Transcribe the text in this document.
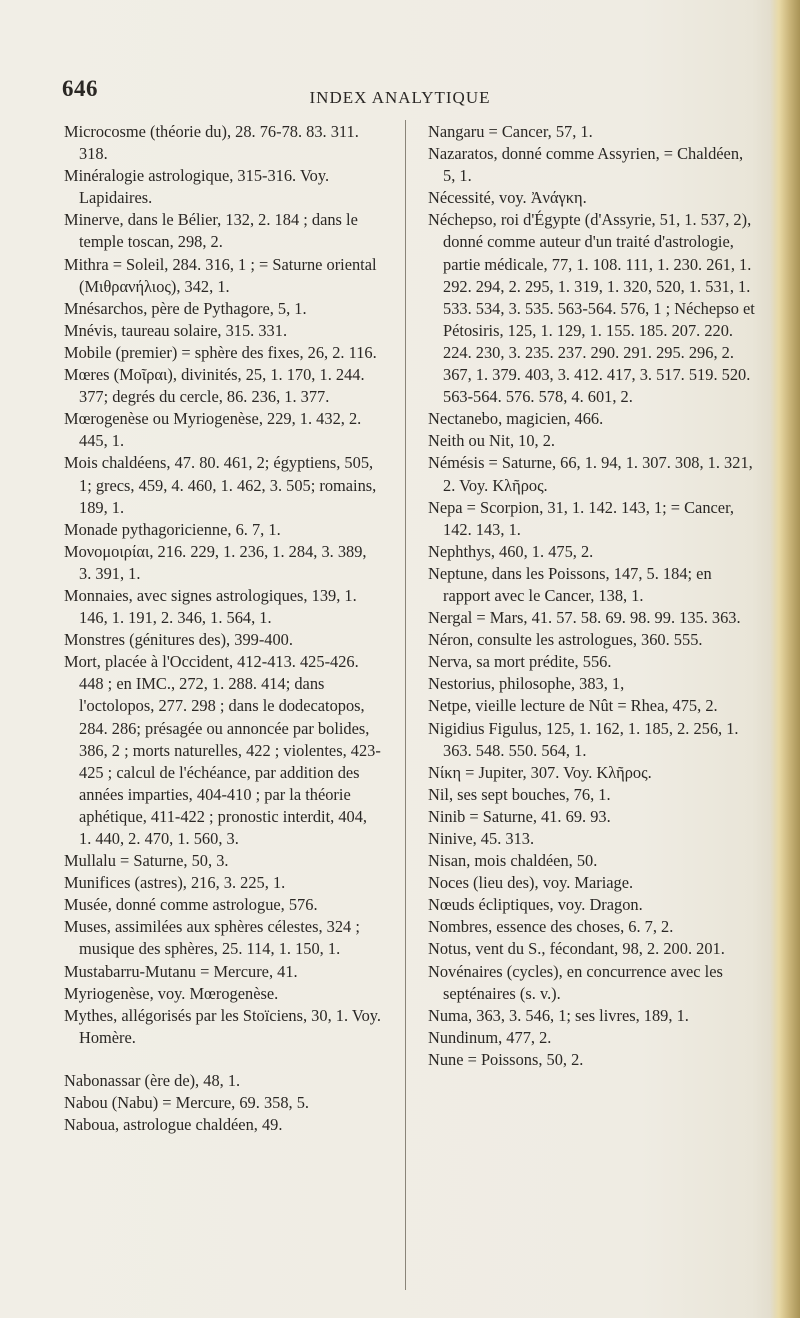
646	INDEX ANALYTIQUE

Microcosme (théorie du), 28. 76-78. 83. 311. 318.

Minéralogie astrologique, 315-316. Voy. Lapidaires.

Minerve, dans le Bélier, 132, 2. 184 ; dans le temple toscan, 298, 2.

Mithra = Soleil, 284. 316, 1 ; = Saturne oriental (Μιθρανήλιος), 342, 1.

Mnésarchos, père de Pythagore, 5, 1.

Mnévis, taureau solaire, 315. 331.

Mobile (premier) = sphère des fixes, 26, 2. 116.

Mœres (Μοῖραι), divinités, 25, 1. 170, 1. 244. 377; degrés du cercle, 86. 236, 1. 377.

Mœrogenèse ou Myriogenèse, 229, 1. 432, 2. 445, 1.

Mois chaldéens, 47. 80. 461, 2; égyptiens, 505, 1; grecs, 459, 4. 460, 1. 462, 3. 505; romains, 189, 1.

Monade pythagoricienne, 6. 7, 1.

Μονομοιρίαι, 216. 229, 1. 236, 1. 284, 3. 389, 3. 391, 1.

Monnaies, avec signes astrologiques, 139, 1. 146, 1. 191, 2. 346, 1. 564, 1.

Monstres (génitures des), 399-400.

Mort, placée à l'Occident, 412-413. 425-426. 448 ; en IMC., 272, 1. 288. 414; dans l'octolopos, 277. 298 ; dans le dodecatopos, 284. 286; présagée ou annoncée par bolides, 386, 2 ; morts naturelles, 422 ; violentes, 423-425 ; calcul de l'échéance, par addition des années imparties, 404-410 ; par la théorie aphétique, 411-422 ; pronostic interdit, 404, 1. 440, 2. 470, 1. 560, 3.

Mullalu = Saturne, 50, 3.

Munifices (astres), 216, 3. 225, 1.

Musée, donné comme astrologue, 576.

Muses, assimilées aux sphères célestes, 324 ; musique des sphères, 25. 114, 1. 150, 1.

Mustabarru-Mutanu = Mercure, 41.

Myriogenèse, voy. Mœrogenèse.

Mythes, allégorisés par les Stoïciens, 30, 1. Voy. Homère.

Nabonassar (ère de), 48, 1.

Nabou (Nabu) = Mercure, 69. 358, 5.

Naboua, astrologue chaldéen, 49.

Nangaru = Cancer, 57, 1.

Nazaratos, donné comme Assyrien, = Chaldéen, 5, 1.

Nécessité, voy. Ἀνάγκη.

Néchepso, roi d'Égypte (d'Assyrie, 51, 1. 537, 2), donné comme auteur d'un traité d'astrologie, partie médicale, 77, 1. 108. 111, 1. 230. 261, 1. 292. 294, 2. 295, 1. 319, 1. 320, 520, 1. 531, 1. 533. 534, 3. 535. 563-564. 576, 1 ; Néchepso et Pétosiris, 125, 1. 129, 1. 155. 185. 207. 220. 224. 230, 3. 235. 237. 290. 291. 295. 296, 2. 367, 1. 379. 403, 3. 412. 417, 3. 517. 519. 520. 563-564. 576. 578, 4. 601, 2.

Nectanebo, magicien, 466.

Neith ou Nit, 10, 2.

Némésis = Saturne, 66, 1. 94, 1. 307. 308, 1. 321, 2. Voy. Κλῆρος.

Nepa = Scorpion, 31, 1. 142. 143, 1; = Cancer, 142. 143, 1.

Nephthys, 460, 1. 475, 2.

Neptune, dans les Poissons, 147, 5. 184; en rapport avec le Cancer, 138, 1.

Nergal = Mars, 41. 57. 58. 69. 98. 99. 135. 363.

Néron, consulte les astrologues, 360. 555.

Nerva, sa mort prédite, 556.

Nestorius, philosophe, 383, 1,

Netpe, vieille lecture de Nût = Rhea, 475, 2.

Nigidius Figulus, 125, 1. 162, 1. 185, 2. 256, 1. 363. 548. 550. 564, 1.

Νίκη = Jupiter, 307. Voy. Κλῆρος.

Nil, ses sept bouches, 76, 1.

Ninib = Saturne, 41. 69. 93.

Ninive, 45. 313.

Nisan, mois chaldéen, 50.

Noces (lieu des), voy. Mariage.

Nœuds écliptiques, voy. Dragon.

Nombres, essence des choses, 6. 7, 2.

Notus, vent du S., fécondant, 98, 2. 200. 201.

Novénaires (cycles), en concurrence avec les septénaires (s. v.).

Numa, 363, 3. 546, 1; ses livres, 189, 1.

Nundinum, 477, 2.

Nune = Poissons, 50, 2.
